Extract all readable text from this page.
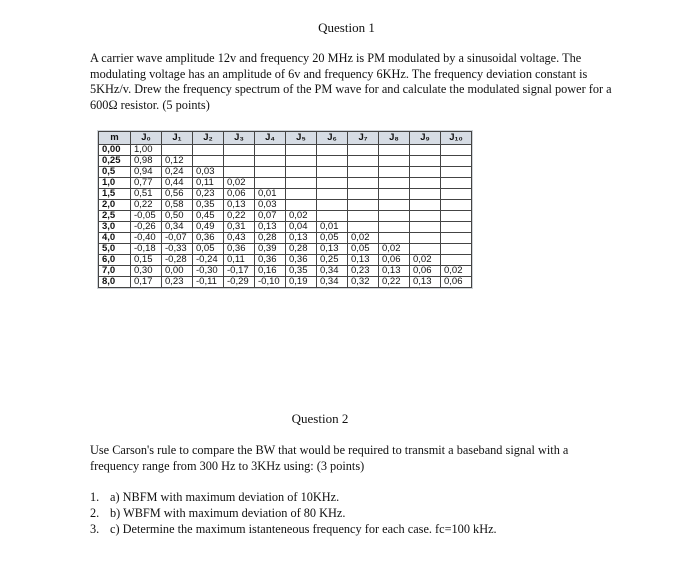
Question 1
A carrier wave amplitude 12v and frequency 20 MHz is PM modulated by a sinusoidal voltage. The modulating voltage has an amplitude of 6v and frequency 6KHz. The frequency deviation constant is 5KHz/v. Drew the frequency spectrum of the PM wave for and calculate the modulated signal power for a 600Ω resistor. (5 points)
m	J₀	J₁	J₂	J₃	J₄	J₅	J₆	J₇	J₈	J₉	J₁₀
0,00	1,00										
0,25	0,98	0,12									
0,5	0,94	0,24	0,03								
1,0	0,77	0,44	0,11	0,02							
1,5	0,51	0,56	0,23	0,06	0,01						
2,0	0,22	0,58	0,35	0,13	0,03						
2,5	-0,05	0,50	0,45	0,22	0,07	0,02					
3,0	-0,26	0,34	0,49	0,31	0,13	0,04	0,01				
4,0	-0,40	-0,07	0,36	0,43	0,28	0,13	0,05	0,02			
5,0	-0,18	-0,33	0,05	0,36	0,39	0,28	0,13	0,05	0,02		
6,0	0,15	-0,28	-0,24	0,11	0,36	0,36	0,25	0,13	0,06	0,02	
7,0	0,30	0,00	-0,30	-0,17	0,16	0,35	0,34	0,23	0,13	0,06	0,02
8,0	0,17	0,23	-0,11	-0,29	-0,10	0,19	0,34	0,32	0,22	0,13	0,06
Question 2
Use Carson's rule to compare the BW that would be required to transmit a baseband signal with a frequency range from 300 Hz to 3KHz using: (3 points)
1. a) NBFM with maximum deviation of 10KHz.
2. b) WBFM with maximum deviation of 80 KHz.
3. c) Determine the maximum istanteneous frequency for each case. fc=100 kHz.
